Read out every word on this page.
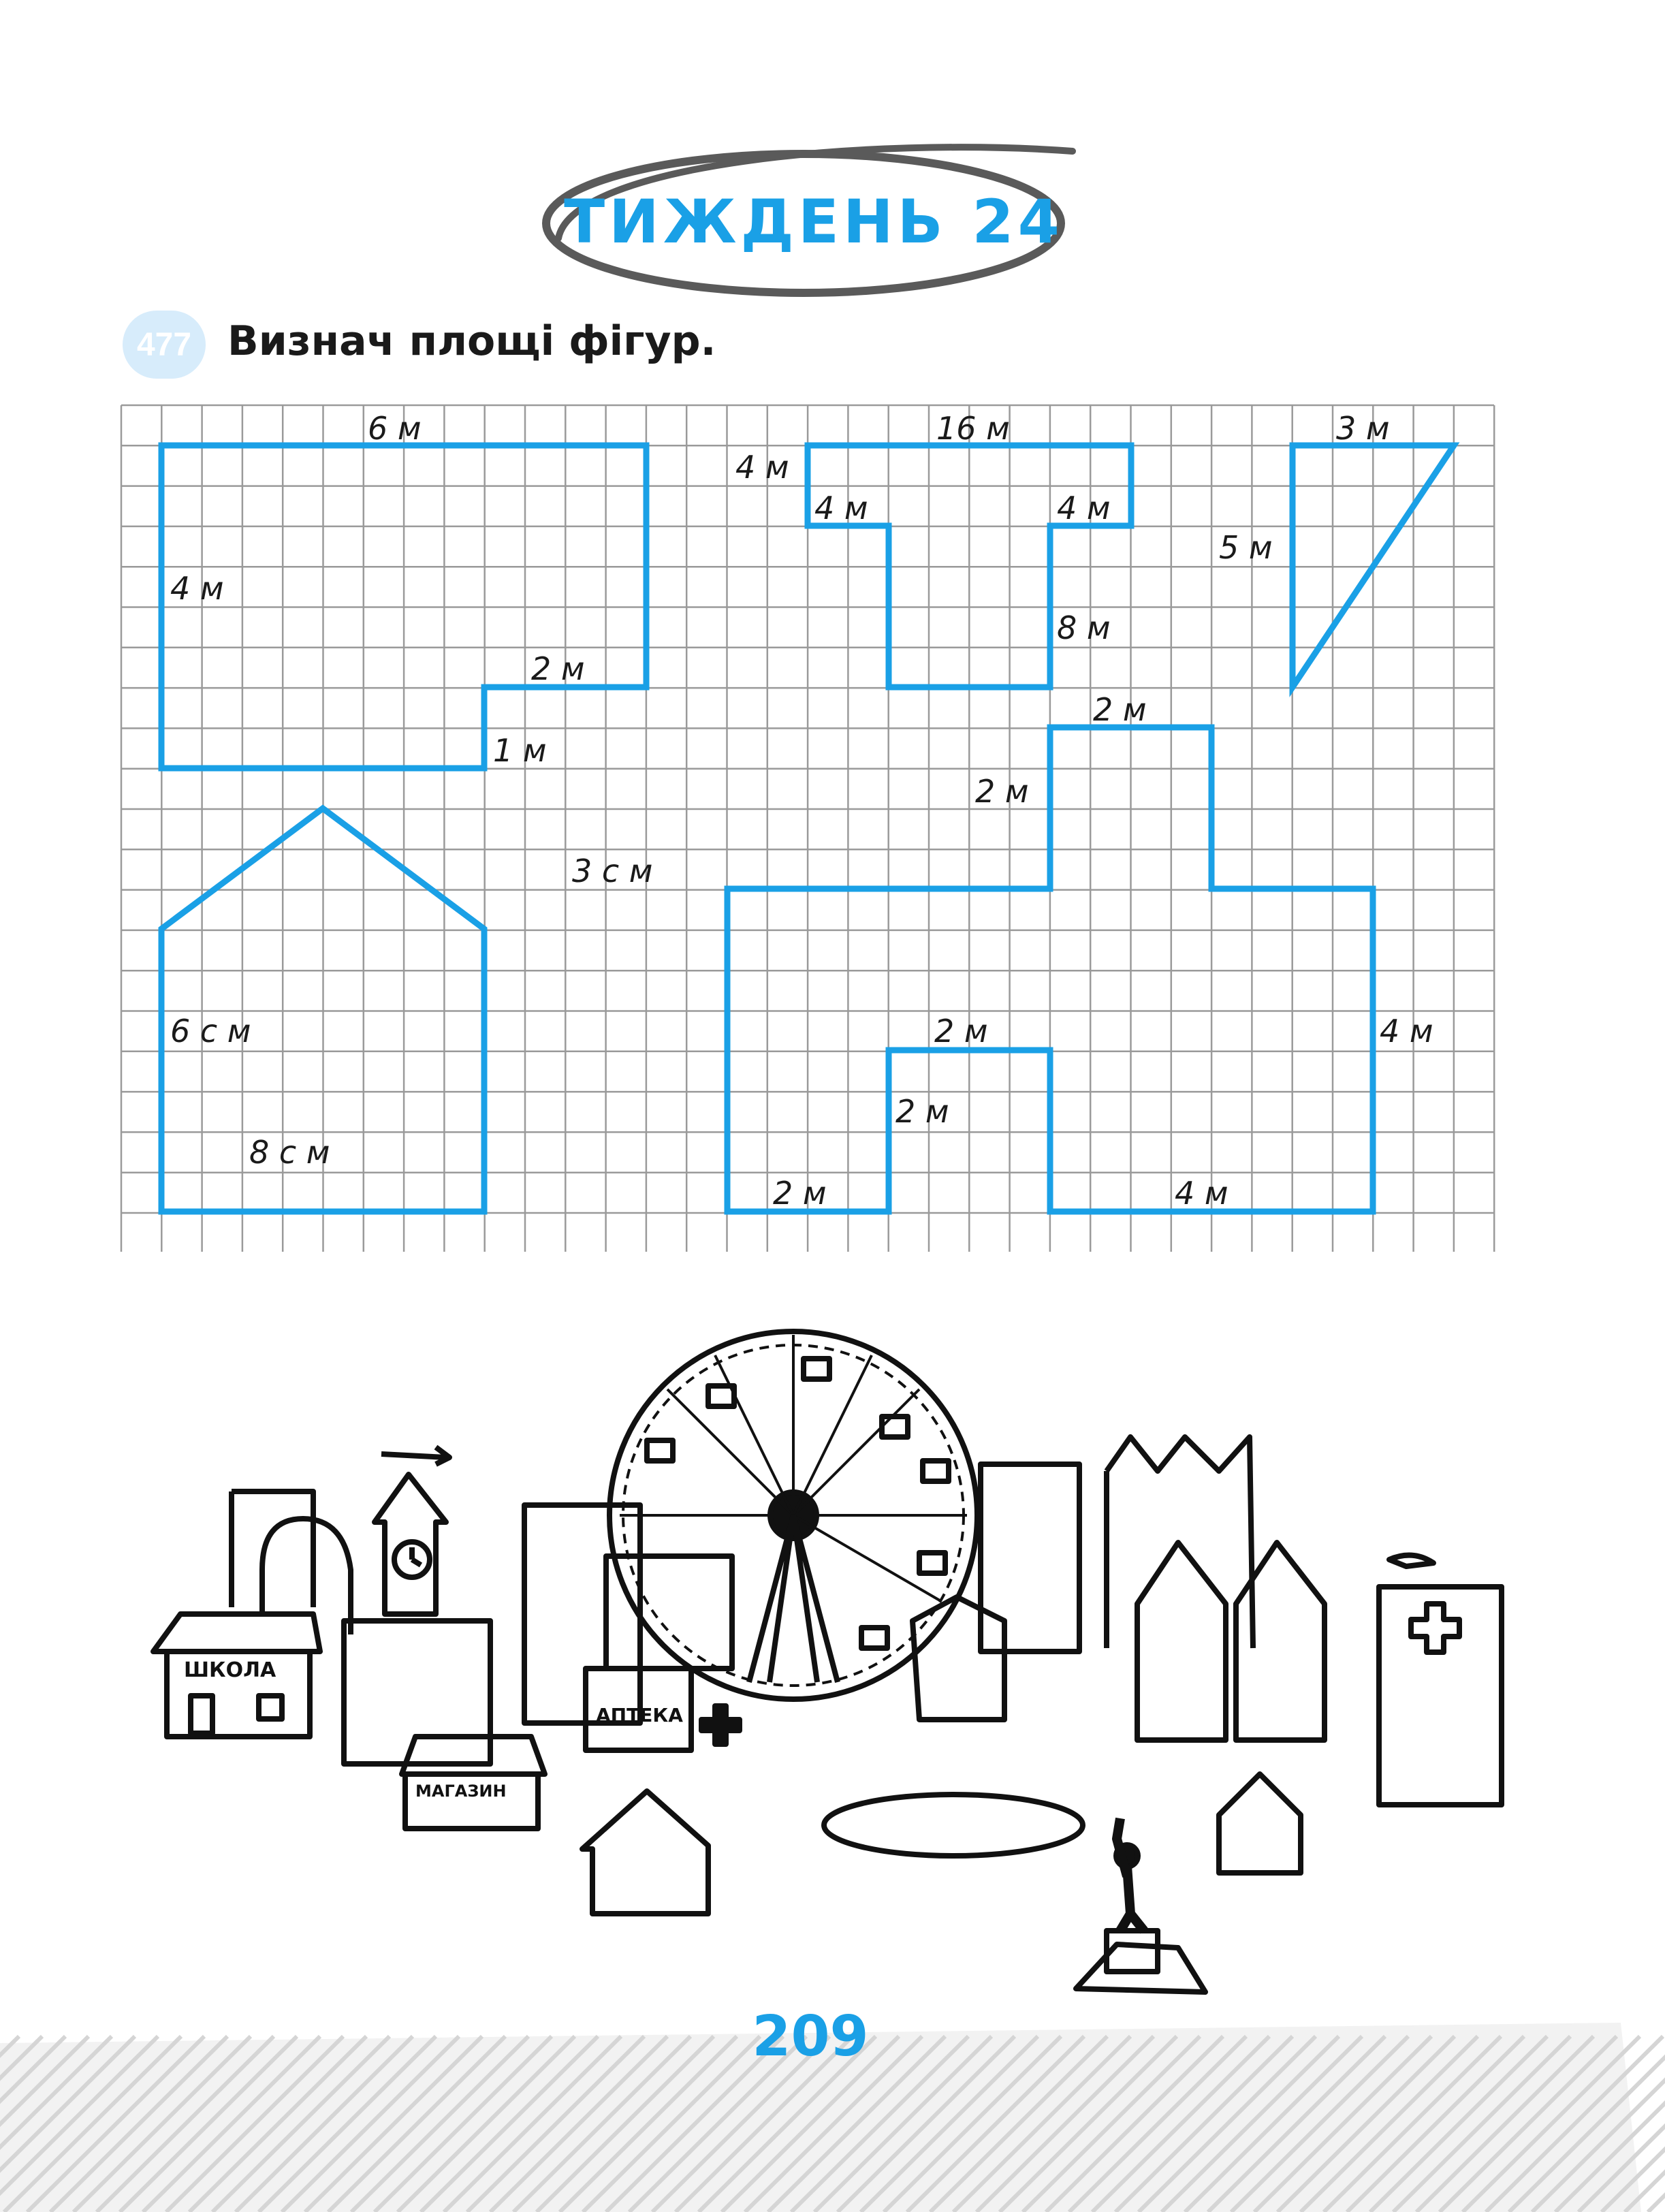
ТИЖДЕНЬ 24
477 Визнач площі фігур.
6 м
4 м
2 м
1 м
16 м
4 м
4 м	4 м
8 м
3 м
5 м
3 с м
6 с м
8 с м
2 м
2 м
4 м
2 м
2 м
2 м	4 м
ШКОЛА
МАГАЗИН
АПТЕКА
209
